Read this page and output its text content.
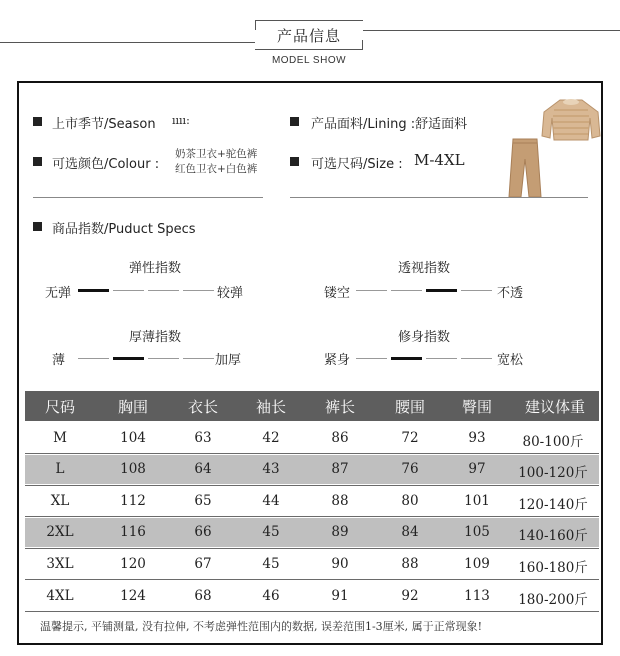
产品信息
MODEL SHOW
上市季节/Season ıııı:	产品面料/Lining :舒适面料
可选颜色/Colour :
奶茶卫衣+驼色裤
红色卫衣+白色裤	可选尺码/Size : M-4XL
商品指数/Puduct Specs
弹性指数
无弹	较弹
透视指数
镂空	不透
厚薄指数
薄	加厚
修身指数
紧身	宽松
尺码	胸围	衣长	袖长	裤长	腰围	臀围	建议体重
M	104	63	42	86	72	93	80-100斤
L	108	64	43	87	76	97	100-120斤
XL	112	65	44	88	80	101	120-140斤
2XL	116	66	45	89	84	105	140-160斤
3XL	120	67	45	90	88	109	160-180斤
4XL	124	68	46	91	92	113	180-200斤
温馨提示, 平铺测量, 没有拉伸, 不考虑弹性范围内的数据, 误差范围1-3厘米, 属于正常现象!
